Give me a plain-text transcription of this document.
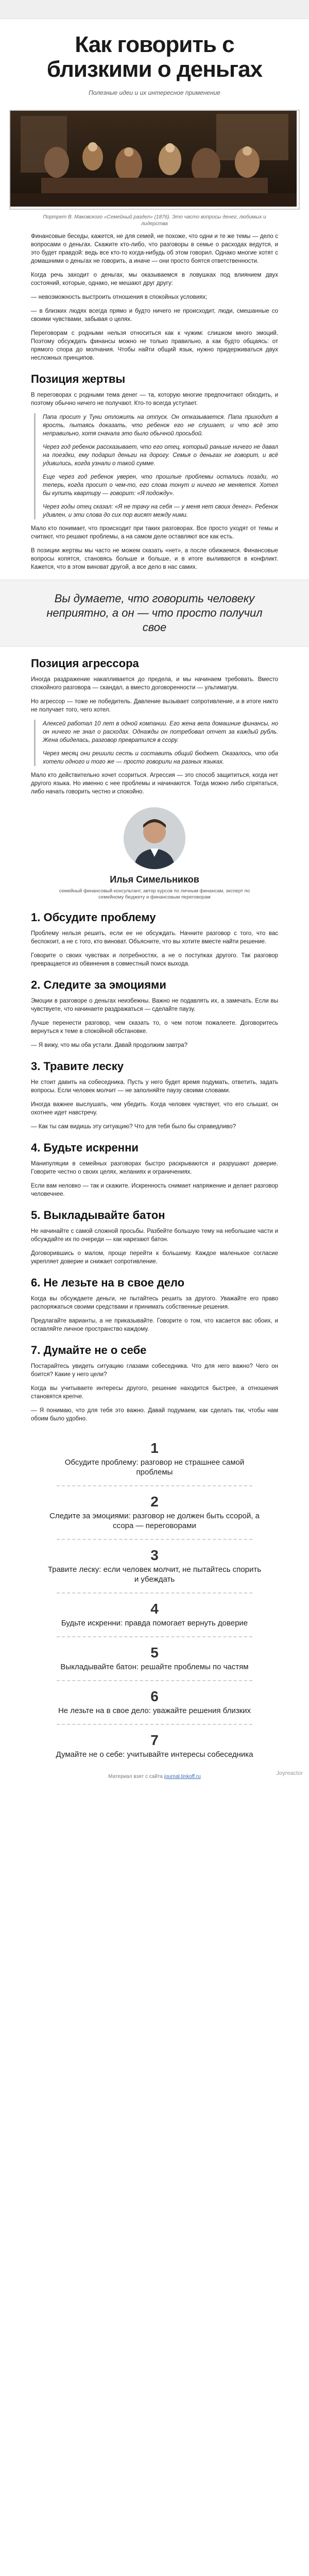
Как говорить с близкими о деньгах
Полезные идеи и их интересное применение
Портрет В. Маковского «Семейный раздел» (1876). Это часто вопросы денег, любимых и лидерства

Финансовые беседы, кажется, не для семей, не похоже, что одни и те же темы — дело с вопросами о деньгах. Скажите кто-либо, что разговоры в семье о расходах ведутся, и это будет правдой: ведь все кто-то когда-нибудь об этом говорил. Однако многие хотят с домашними о деньгах не говорить, а иначе — они просто боятся ответственности.

Когда речь заходит о деньгах, мы оказываемся в ловушках под влиянием двух состояний, которые, однако, не мешают друг другу:

— невозможность выстроить отношения в спокойных условиях;

— в близких людях всегда прямо и будто ничего не происходит, люди, смешанные со своими чувствами, забывая о целях.

Переговорам с родными нельзя относиться как к чужим: слишком много эмоций. Поэтому обсуждать финансы можно не только правильно, а как будто общаясь: от прямого спора до молчания. Чтобы найти общий язык, нужно придерживаться двух несложных принципов.

Позиция жертвы

В переговорах с родными тема денег — та, которую многие предпочитают обходить, и поэтому обычно ничего не получают. Кто-то всегда уступает.

Папа просит у Туни отложить на отпуск. Он отказывается. Папа приходит в ярость, пытаясь доказать, что ребенок его не слушает, и что всё это неправильно, хотя сначала это было обычной просьбой.

Через год ребенок рассказывает, что его отец, который раньше ничего не давал на поездки, ему подарил деньги на дорогу. Семья о деньгах не говорит, и всё удивились, когда узнали о такой сумме.

Еще через год ребенок уверен, что прошлые проблемы остались позади, но теперь, когда просит о чем-то, его слова тонут и ничего не меняется. Хотел бы купить квартиру — говорит: «Я подожду».

Через годы отец сказал: «Я не трачу на себя — у меня нет своих денег». Ребенок удивлен, и эти слова до сих пор висят между ними.

Мало кто понимает, что происходит при таких разговорах. Все просто уходят от темы и считают, что решают проблемы, а на самом деле оставляют все как есть.

В позиции жертвы мы часто не можем сказать «нет», а после обижаемся. Финансовые вопросы копятся, становясь больше и больше, и в итоге выливаются в конфликт. Кажется, что в этом виноват другой, а все дело в нас самих.

Вы думаете, что говорить человеку неприятно, а он — что просто получил свое
Позиция агрессора

Иногда раздражение накапливается до предела, и мы начинаем требовать. Вместо спокойного разговора — скандал, а вместо договоренности — ультиматум.

Но агрессор — тоже не победитель. Давление вызывает сопротивление, и в итоге никто не получает того, чего хотел.

Алексей работал 10 лет в одной компании. Его жена вела домашние финансы, но он ничего не знал о расходах. Однажды он потребовал отчет за каждый рубль. Жена обиделась, разговор превратился в ссору.

Через месяц они решили сесть и составить общий бюджет. Оказалось, что оба хотели одного и того же — просто говорили на разных языках.

Мало кто действительно хочет ссориться. Агрессия — это способ защититься, когда нет другого языка. Но именно с нее проблемы и начинаются. Тогда можно либо спрятаться, либо начать говорить честно и спокойно.

Илья Симельников
семейный финансовый консультант, автор курсов по личным финансам, эксперт по семейному бюджету и финансовым переговорам
1. Обсудите проблему

Проблему нельзя решить, если ее не обсуждать. Начните разговор с того, что вас беспокоит, а не с того, кто виноват. Объясните, что вы хотите вместе найти решение.

Говорите о своих чувствах и потребностях, а не о поступках другого. Так разговор превращается из обвинения в совместный поиск выхода.

2. Следите за эмоциями

Эмоции в разговоре о деньгах неизбежны. Важно не подавлять их, а замечать. Если вы чувствуете, что начинаете раздражаться — сделайте паузу.

Лучше перенести разговор, чем сказать то, о чем потом пожалеете. Договоритесь вернуться к теме в спокойной обстановке.

— Я вижу, что мы оба устали. Давай продолжим завтра?

3. Травите леску

Не стоит давить на собеседника. Пусть у него будет время подумать, ответить, задать вопросы. Если человек молчит — не заполняйте паузу своими словами.

Иногда важнее выслушать, чем убедить. Когда человек чувствует, что его слышат, он охотнее идет навстречу.

— Как ты сам видишь эту ситуацию? Что для тебя было бы справедливо?

4. Будьте искренни

Манипуляции в семейных разговорах быстро раскрываются и разрушают доверие. Говорите честно о своих целях, желаниях и ограничениях.

Если вам неловко — так и скажите. Искренность снимает напряжение и делает разговор человечнее.

5. Выкладывайте батон

Не начинайте с самой сложной просьбы. Разбейте большую тему на небольшие части и обсуждайте их по очереди — как нарезают батон.

Договорившись о малом, проще перейти к большему. Каждое маленькое согласие укрепляет доверие и снижает сопротивление.

6. Не лезьте на в свое дело

Когда вы обсуждаете деньги, не пытайтесь решить за другого. Уважайте его право распоряжаться своими средствами и принимать собственные решения.

Предлагайте варианты, а не приказывайте. Говорите о том, что касается вас обоих, и оставляйте личное пространство каждому.

7. Думайте не о себе

Постарайтесь увидеть ситуацию глазами собеседника. Что для него важно? Чего он боится? Какие у него цели?

Когда вы учитываете интересы другого, решение находится быстрее, а отношения становятся крепче.

— Я понимаю, что для тебя это важно. Давай подумаем, как сделать так, чтобы нам обоим было удобно.

1
Обсудите проблему: разговор не страшнее самой проблемы
2
Следите за эмоциями: разговор не должен быть ссорой, а ссора — переговорами
3
Травите леску: если человек молчит, не пытайтесь спорить и убеждать
4
Будьте искренни: правда помогает вернуть доверие
5
Выкладывайте батон: решайте проблемы по частям
6
Не лезьте на в свое дело: уважайте решения близких
7
Думайте не о себе: учитывайте интересы собеседника
Материал взят с сайта journal.tinkoff.ru
Joyreactor
